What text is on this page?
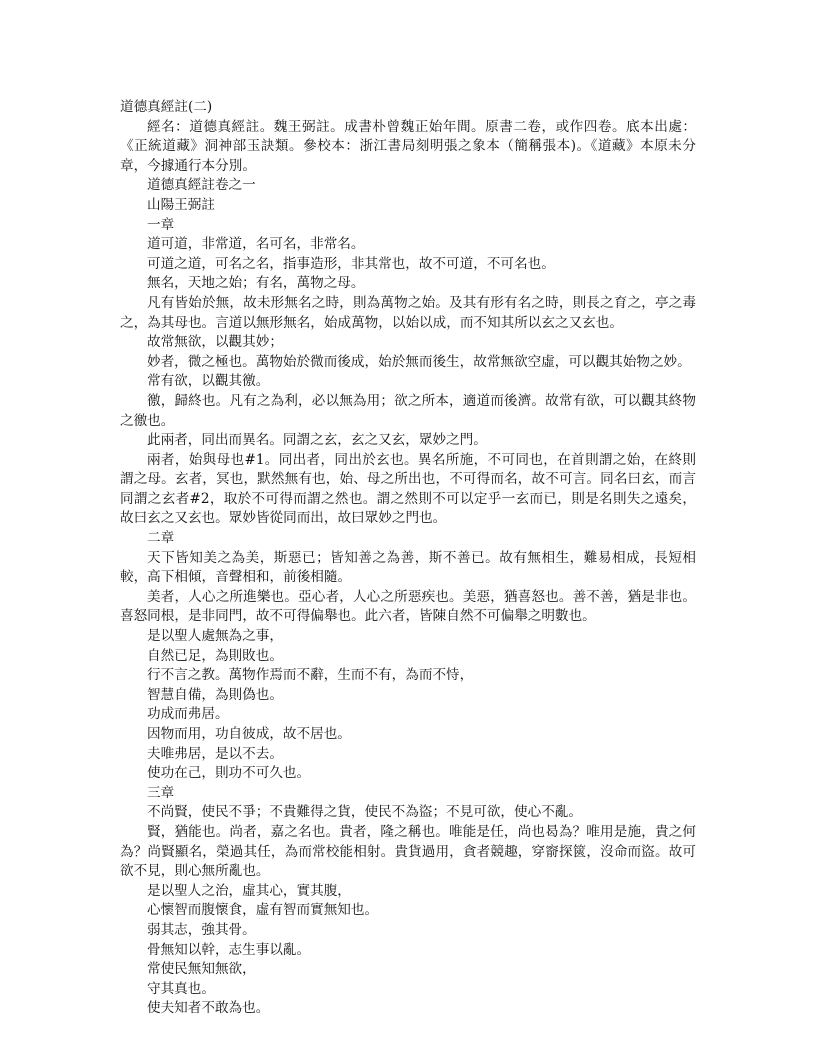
道德真經註(二)

經名：道德真經註。魏王弼註。成書朴曾魏正始年間。原書二卷，或作四卷。底本出處：《正統道藏》洞神部玉訣類。參校本：浙江書局刻明張之象本（簡稱張本)。《道藏》本原未分章，今據通行本分別。

道德真經註卷之一

山陽王弼註

一章

道可道，非常道，名可名，非常名。

可道之道，可名之名，指事造形，非其常也，故不可道，不可名也。

無名，天地之始；有名，萬物之母。

凡有皆始於無，故未形無名之時，則為萬物之始。及其有形有名之時，則長之育之，亭之毒之，為其母也。言道以無形無名，始成萬物，以始以成，而不知其所以玄之又玄也。

故常無欲，以觀其妙；

妙者，微之極也。萬物始於微而後成，始於無而後生，故常無欲空虛，可以觀其始物之妙。

常有欲，以觀其徼。

徼，歸終也。凡有之為利，必以無為用；欲之所本，適道而後濟。故常有欲，可以觀其終物之徼也。

此兩者，同出而異名。同謂之玄，玄之又玄，眾妙之門。

兩者，始與母也#1。同出者，同出於玄也。異名所施，不可同也，在首則謂之始，在終則謂之母。玄者，冥也，默然無有也，始、母之所出也，不可得而名，故不可言。同名曰玄，而言同謂之玄者#2，取於不可得而謂之然也。謂之然則不可以定乎一玄而已，則是名則失之遠矣，故曰玄之又玄也。眾妙皆從同而出，故曰眾妙之門也。

二章

天下皆知美之為美，斯惡已；皆知善之為善，斯不善已。故有無相生，難易相成，長短相較，高下相傾，音聲相和，前後相隨。

美者，人心之所進樂也。亞心者，人心之所惡疾也。美惡，猶喜怒也。善不善，猶是非也。喜怒同根，是非同門，故不可得偏舉也。此六者，皆陳自然不可偏舉之明數也。

是以聖人處無為之事，

自然已足，為則敗也。

行不言之教。萬物作焉而不辭，生而不有，為而不恃，

智慧自備，為則偽也。

功成而弗居。

因物而用，功自彼成，故不居也。

夫唯弗居，是以不去。

使功在己，則功不可久也。

三章

不尚賢，使民不爭；不貴難得之貨，使民不為盜；不見可欲，使心不亂。

賢，猶能也。尚者，嘉之名也。貴者，隆之稱也。唯能是任，尚也曷為？唯用是施，貴之何為？尚賢顯名，榮過其任，為而常校能相射。貴貨過用，貪者競趣，穿窬探篋，沒命而盜。故可欲不見，則心無所亂也。

是以聖人之治，虛其心，實其腹，

心懷智而腹懷食，虛有智而實無知也。

弱其志，強其骨。

骨無知以幹，志生事以亂。

常使民無知無欲，

守其真也。

使夫知者不敢為也。
